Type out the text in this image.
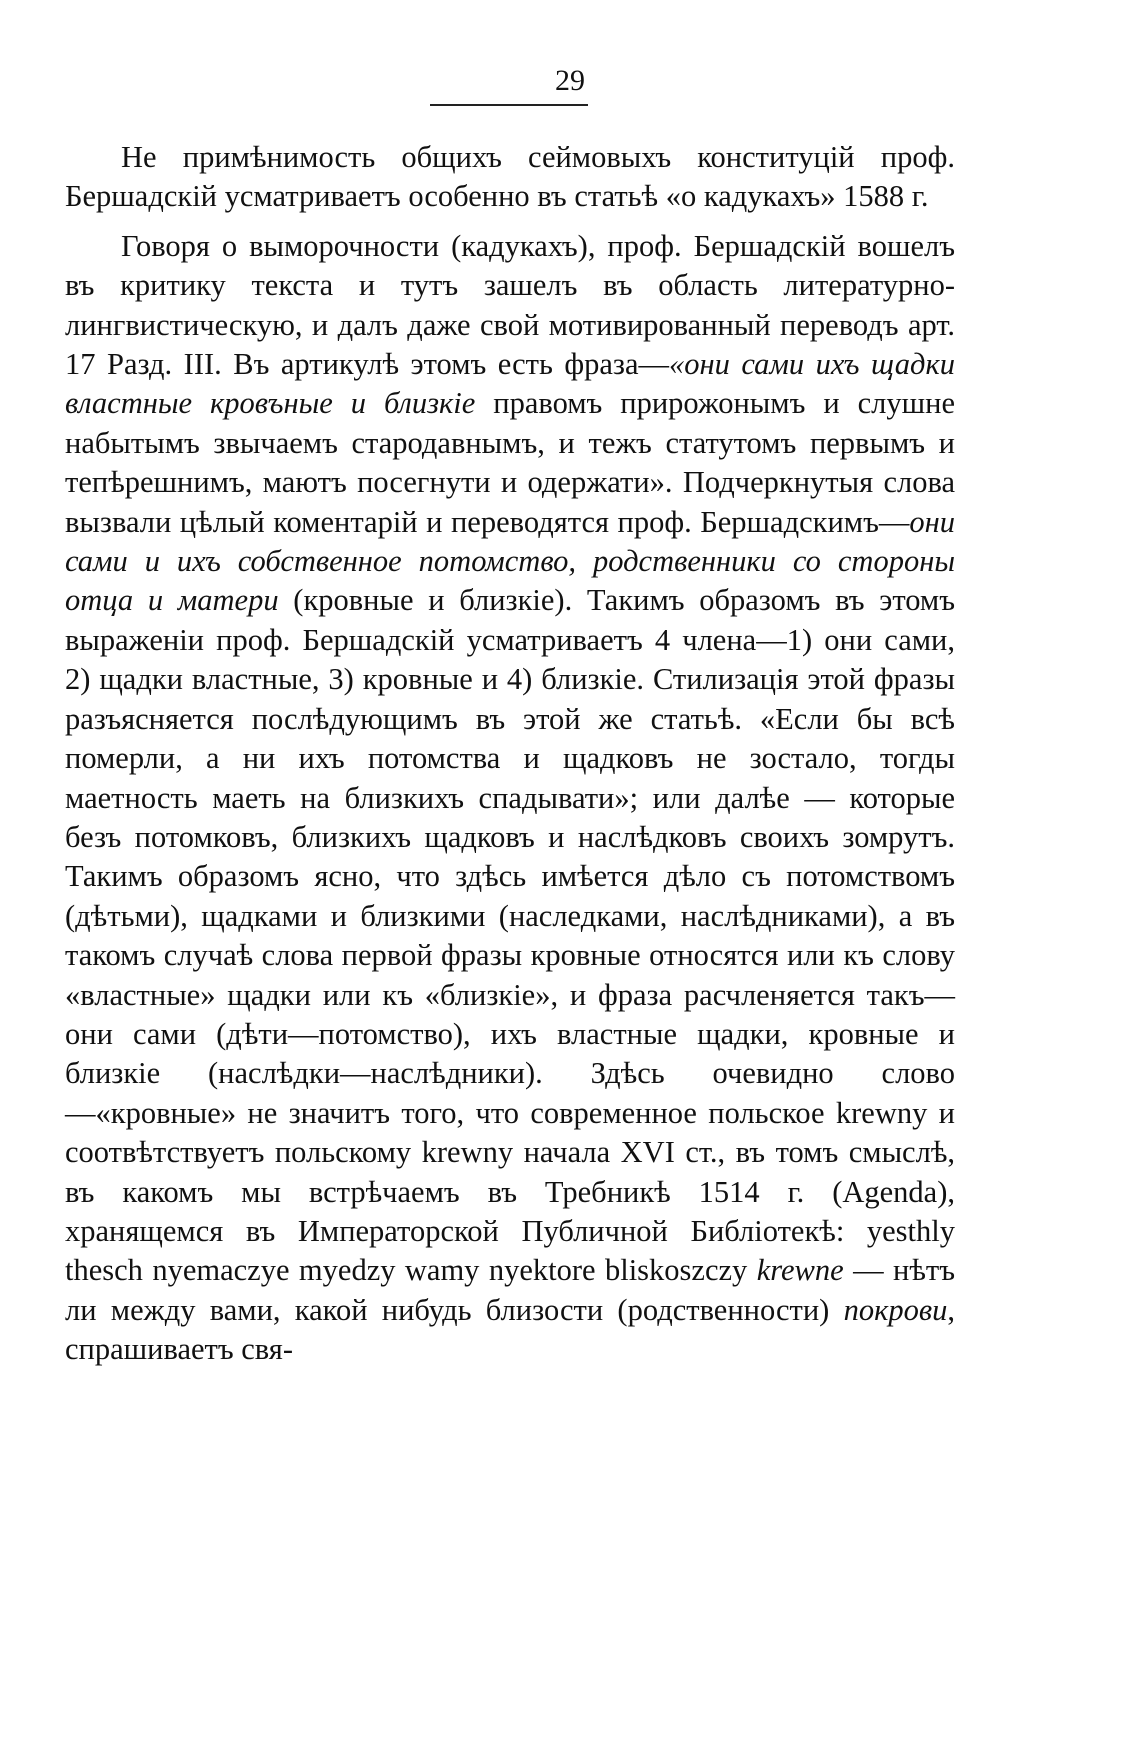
29

Не примѣнимость общихъ сеймовыхъ конституцій проф. Бершадскій усматриваетъ особенно въ статьѣ «о кадукахъ» 1588 г.

Говоря о выморочности (кадукахъ), проф. Бершадскій вошелъ въ критику текста и тутъ зашелъ въ область литературно-лингвистическую, и далъ даже свой мотивированный переводъ арт. 17 Разд. III. Въ артикулѣ этомъ есть фраза—«они сами ихъ щадки властные кровъные и близкіе правомъ прирожонымъ и слушне набытымъ звычаемъ стародавнымъ, и тежъ статутомъ первымъ и тепѣрешнимъ, маютъ посегнути и одержати». Подчеркнутыя слова вызвали цѣлый коментарій и переводятся проф. Бершадскимъ—они сами и ихъ собственное потомство, родственники со стороны отца и матери (кровные и близкіе). Такимъ образомъ въ этомъ выраженіи проф. Бершадскій усматриваетъ 4 члена—1) они сами, 2) щадки властные, 3) кровные и 4) близкіе. Стилизація этой фразы разъясняется послѣдующимъ въ этой же статьѣ. «Если бы всѣ померли, а ни ихъ потомства и щадковъ не зостало, тогды маетность маеть на близкихъ спадывати»; или далѣе — которые безъ потомковъ, близкихъ щадковъ и наслѣдковъ своихъ зомрутъ. Такимъ образомъ ясно, что здѣсь имѣется дѣло съ потомствомъ (дѣтьми), щадками и близкими (наследками, наслѣдниками), а въ такомъ случаѣ слова первой фразы кровные относятся или къ слову «властные» щадки или къ «близкіе», и фраза расчленяется такъ—они сами (дѣти—потомство), ихъ властные щадки, кровные и близкіе (наслѣдки—наслѣдники). Здѣсь очевидно слово—«кровные» не значитъ того, что современное польское krewny и соотвѣтствуетъ польскому krewny начала XVI ст., въ томъ смыслѣ, въ какомъ мы встрѣчаемъ въ Требникѣ 1514 г. (Agenda), хранящемся въ Императорской Публичной Библіотекѣ: yesthly thesch nyemaczye myedzy wamy nyektore bliskoszczy krewne — нѣтъ ли между вами, какой нибудь близости (родственности) покрови, спрашиваетъ свя-
